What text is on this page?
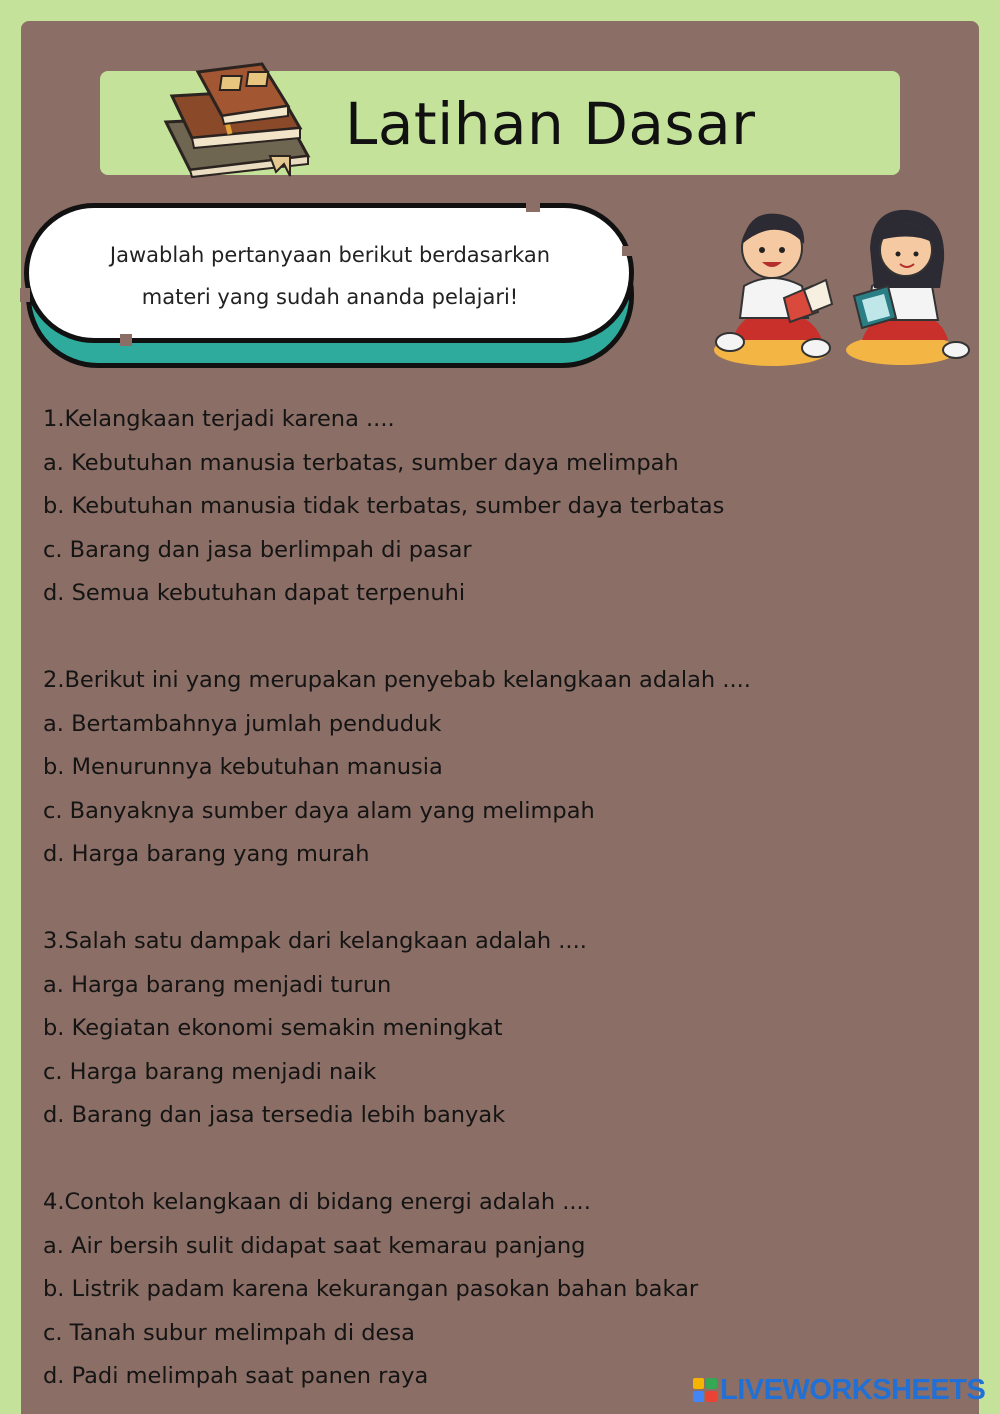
Latihan Dasar
Jawablah pertanyaan berikut berdasarkan
materi yang sudah ananda pelajari!
1.Kelangkaan terjadi karena ....
a. Kebutuhan manusia terbatas, sumber daya melimpah
b. Kebutuhan manusia tidak terbatas, sumber daya terbatas
c. Barang dan jasa berlimpah di pasar
d. Semua kebutuhan dapat terpenuhi
2.Berikut ini yang merupakan penyebab kelangkaan adalah ....
a. Bertambahnya jumlah penduduk
b. Menurunnya kebutuhan manusia
c. Banyaknya sumber daya alam yang melimpah
d. Harga barang yang murah
3.Salah satu dampak dari kelangkaan adalah ....
a. Harga barang menjadi turun
b. Kegiatan ekonomi semakin meningkat
c. Harga barang menjadi naik
d. Barang dan jasa tersedia lebih banyak
4.Contoh kelangkaan di bidang energi adalah ....
a. Air bersih sulit didapat saat kemarau panjang
b. Listrik padam karena kekurangan pasokan bahan bakar
c. Tanah subur melimpah di desa
d. Padi melimpah saat panen raya	LIVEWORKSHEETS
